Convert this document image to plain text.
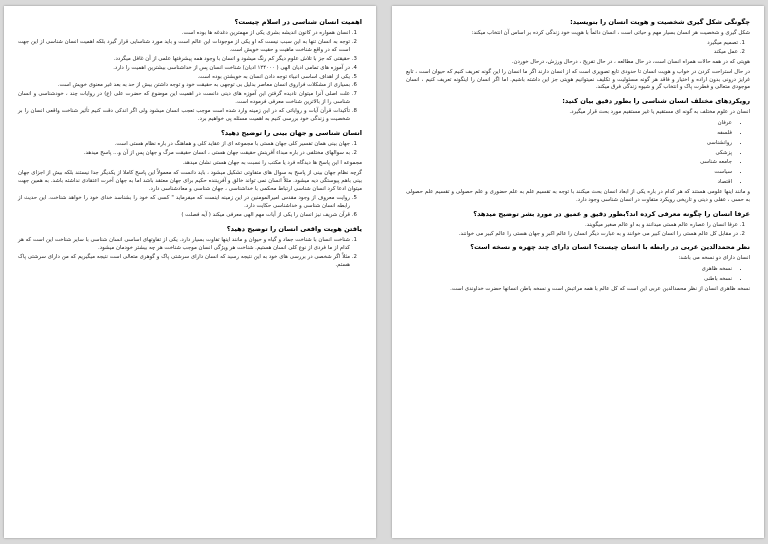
چگونگی شکل گیری شخصیت و هویت انسان را بنویسید:

شکل گیری و شخصیت هر انسان بسیار مهم و حیاتی است ، انسان دائماً با هویت خود زندگی کرده بر اساس آن انتخاب میکند:

1. تصمیم میگیرد
2. عمل میکند

هویتی که در همه حالات همراه انسان است، در حال مطالعه ، در حال تفریح ، درحال ورزش، درحال خوردن.

در حال استراحت کردن در خواب و هویت انسان تا حدودی تابع تصویری است که از انسان دارند اگر ما انسان را این گونه تعریف کنیم که حیوان است ، تابع غرایز درونی بدون اراده و اختیار و فاقد هر گونه مسئولیت و تکلیف نمیتوانیم هویتی جز این داشته باشیم. اما اگر انسان را اینگونه تعریف کنیم ، انسان موجودی متعالی و فطرت پاک و انتخاب گر و شیوه زندگی فرق میکند.

رویکردهای مختلف انسان شناسی را بطور دقیق بیان کنید:

انسان در علوم مختلف به گونه ای مستقیم یا غیر مستقیم مورد بحث قرار میگیرد.

• عرفان
• فلسفه
• روانشناسی
• پزشکی
• جامعه شناسی
• سیاست
• اقتصاد

و مانند اینها علومی هستند که هر کدام در باره یکی از ابعاد انسان بحث میکنند با توجه به تقسیم علم به علم حضوری و علم حصولی و تقسیم علم حصولی به حسی ، عقلی و دینی و تاریخی رویکرد متفاوت در انسان شناسی وجود دارد.

عرفا انسان را چگونه معرفی کرده اند؟بطور دقیق و عمیق در مورد بشر توضیح میدهد؟
1. عرفا انسان را عصاره عالم هستی میدانند و به او عالم صغیر میگویند.
2. در مقابل کل عالم هستی را انسان کبیر می خوانند و به عبارت دیگر انسان را عالم اکبر و جهان هستی را عالم کبیر می خوانند.
نظر محمدالدین عربی در رابطه با انسان چیست؟ انسان دارای چند چهره و نسخه است؟

انسان دارای دو نسخه می باشد:

• نسخه ظاهری
• نسخه باطنی

نسخه ظاهری انسان از نظر محمدالدین عربی این است که کل عالم با همه مراتبش است و نسخه باطن انسانها حضرت خداوندی است.

اهمیت انسان شناسی در اسلام چیست؟
1. انسان همواره در کانون اندیشه بشری یکی از مهمترین دغدغه ها بوده است.
2. توجه به انسان تنها به این سبب نیست که او یکی از موجودات این عالم است و باید مورد شناسایی قرار گیرد بلکه اهمیت انسان شناسی از این جهت است که در واقع شناخت ماهیت و حقیت خویش است.
3. حقیقتی که جز با تلاش علوم دیگر کم رنگ میشود و انسان با وجود همه پیشرفتها علمی از آن غافل میگردد.
4. در آموزه های تمامی ادیان الهی ( ۱۲۴۰۰۰ ادیان) شناخت انسان پس از خداشناسی بیشترین اهمیت را دارد.
5. یکی از اهداف اساسی انبیاء توجه دادن انسان به خویشتن بوده است.
6. بسیاری از مشکلات فراروی انسان معاصر بدلیل بی توجهی به حقیقت خود و توجه داشتن بیش از حد به بعد غیر معنوی خویش است.
7. علت اصلی آنرا میتوان نادیده گرفتن این آموزه های دینی دانست در اهمیت این موضوع که حضرت علی (ع) در روایات چند ، خودشناسی و انسان شناسی را از بالاترین شناخت معرفی فرموده است.
8. تأکیدات قرآن آیات و روایاتی که در این زمینه وارد شده است موجب تعجب انسان میشود ولی اگر اندکی دقت کنیم تأثیر شناخت واقعی انسان را بر شخصیت و زندگی خود بررسی کنیم به اهمیت مسئله پی خواهیم برد.
انسان شناسی و جهان بینی را توضیح دهید؟
1. جهان بینی همان تفسیر کلی جهان هستی با مجموعه ای از عقاید کلی و هماهنگ در باره نظام هستی است.
2. به سوالهای مختلفی در باره مبداء آفرینش حقیقت جهان هستی ، انسان حقیقت مرگ و جهان پس از آن و... پاسخ میدهد.

مجموعه ا این پاسخ ها دیدگاه فرد یا مکتب را نسبت به جهان هستی نشان میدهد.

گرچه نظام جهان بینی از پاسخ به سوال های متفاوتی تشکیل میشود ، باید دانست که معمولاً این پاسخ کاملا از یکدیگر جدا نیستند بلکه بیش از اجزای جهان بینی باهم پیوستگی دیه میشود. مثلاً انسان نمی تواند خالق و آفریننده حکیم برای جهان معتقد باشد اما به جهان آخرت اعتقادی نداشته باشد. به همین جهت میتوان ادعا کرد انسان شناسی ارتباط محکمی با خداشناسی ، جهان شناسی و معادشناسی دارد.

5. روایت معروف از وجود مقدس امیرالمومنین در این زمینه اینست که میفرماید " کسی که خود را بشناسد خدای خود را خواهد شناخت. این حدیث از رابطه انسان شناسی و خداشناسی حکایت دارد.
6. قرآن شریف نیز انسان را یکی از آیات مهم الهی معرفی میکند ( آیه فصلت )
یافتن هویت واقعی انسان را توضیح دهید؟
1. شناخت انسان با شناخت جماد و گیاه و حیوان و مانند اینها تفاوت بسیار دارد. یکی از تفاوتهای اساسی انسان شناسی با سایر شناخت این است که هر کدام از ما فردی از نوع کلی انسان هستیم. شناخت هر ویژگی انسان موجب شناخت هر چه بیشتر خودمان میشود.
2. مثلاً اگر شخصی در بررسی های خود به این نتیجه رسید که انسان دارای سرشتی پاک و گوهری متعالی است نتیجه میگیریم که من دارای سرشتی پاک هستم.
